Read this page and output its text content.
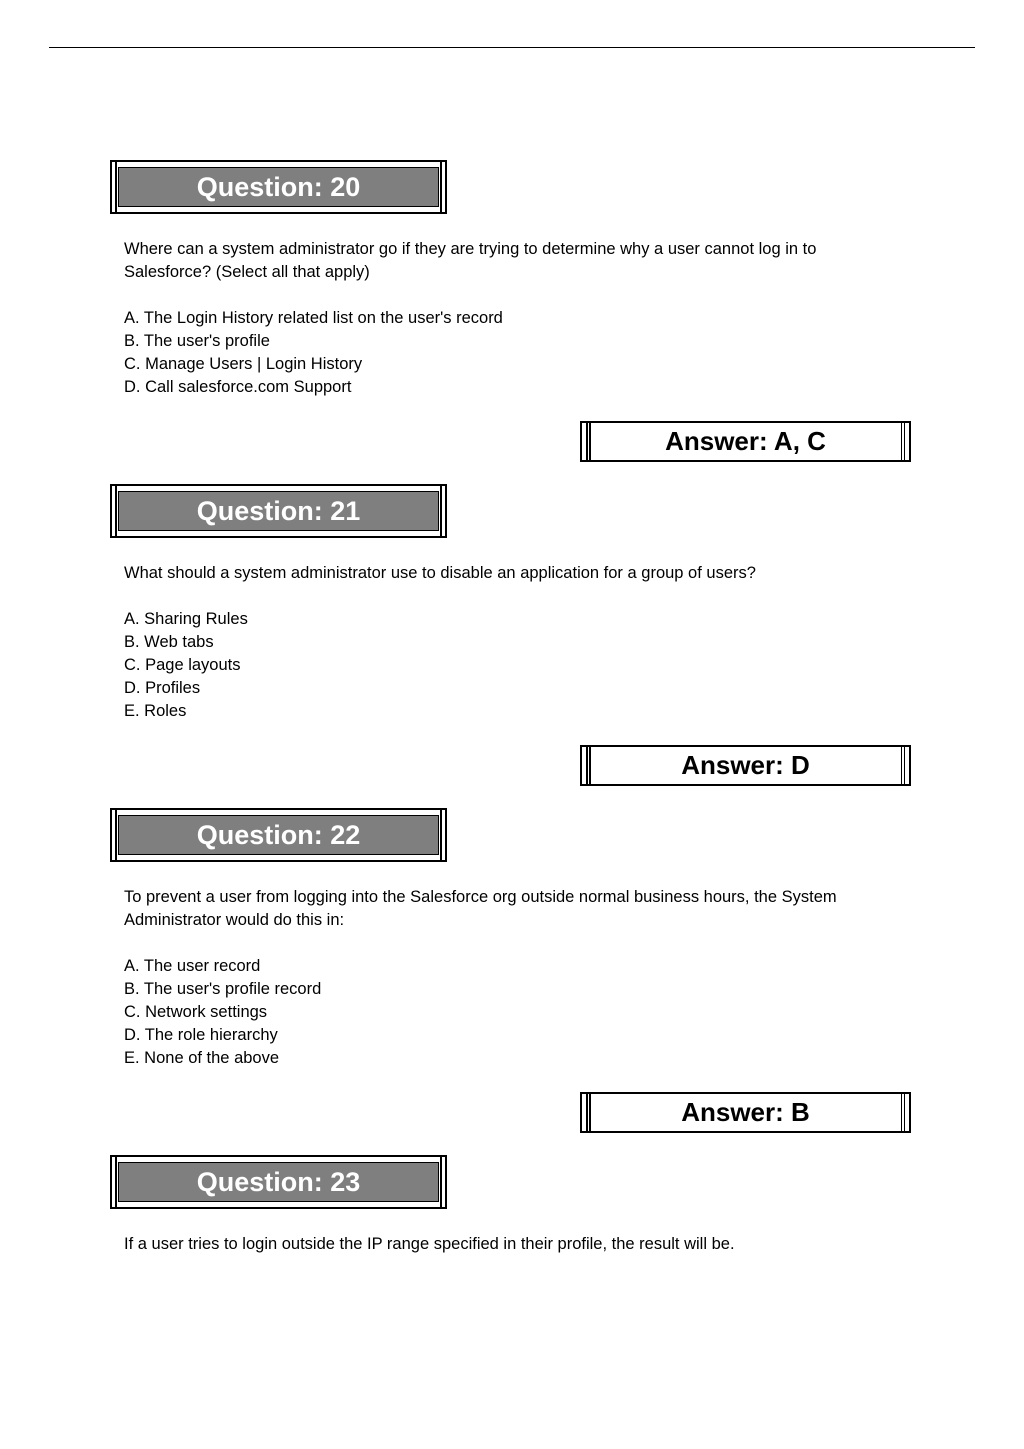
Question: 20
Where can a system administrator go if they are trying to determine why a user cannot log in to
Salesforce? (Select all that apply)
A. The Login History related list on the user's record
B. The user's profile
C. Manage Users | Login History
D. Call salesforce.com Support
Answer: A, C
Question: 21
What should a system administrator use to disable an application for a group of users?
A. Sharing Rules
B. Web tabs
C. Page layouts
D. Profiles
E. Roles
Answer: D
Question: 22
To prevent a user from logging into the Salesforce org outside normal business hours, the System
Administrator would do this in:
A. The user record
B. The user's profile record
C. Network settings
D. The role hierarchy
E. None of the above
Answer: B
Question: 23
If a user tries to login outside the IP range specified in their profile, the result will be.
